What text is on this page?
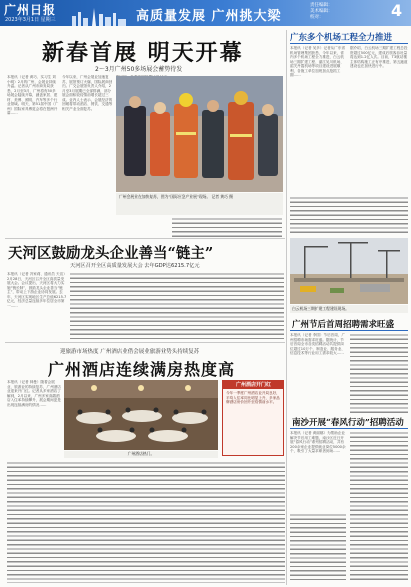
广州日报
2023年3月1日 星期三	高质量发展 广州挑大梁
责任编辑：
美术编辑：
校对：	4
新春首展 明天开幕
2～3月广州50多场展会蓄势待发
本报讯（记者 黄巧、实习生 刘小明）2月的广州，会展业持续升温。记者从广州市商务局获悉，2月至3月，广州将有50多场展会陆续开幕，涵盖家居、建材、美博、照明、汽车等多个行业领域。明天，第51届中国（广州）国际家具博览会将在琶洲开幕……
今年以来，广州会展业加速复苏，展馆预订火爆，国际展商回归。广交会展馆负责人介绍，2月至3月展期已全部排满，部分展会面积较疫情前增长超过三成。业内人士表示，会展经济的回暖将带动酒店、餐饮、交通等相关产业全面复苏。
广州会展业在加快复苏，图为“国际应急产业展”现场。 记者 黄巧 摄
广东多个机场工程全力推进
本报讯（记者 吴多）记者从广东省机场管理集团获悉，今年以来，省内多个机场工程全力推进，白云机场三期扩建工程、湛江吴川机场、韶关丹霞机场等项目建设进展顺利，各施工单位加班加点抢抓工期……
据介绍，白云机场三期扩建工程总投资超过500亿元，建成后旅客吞吐量将达到1.2亿人次。目前，T3航站楼主体结构施工正有序推进，第五跑道建设也在加快进行中。
白云机场三期扩建工程建设现场。
天河区鼓励龙头企业善当“链主”
天河区召开全区高质量发展大会 去年GDP达6215.7亿元
本报讯（记者 冯家莉、通讯员 天宣）2月28日，天河区召开全区高质量发展大会。会议提出，天河区将大力实施“链长制”，鼓励龙头企业善当“链主”，带动上下游企业协同发展。去年，天河区实现地区生产总值6215.7亿元，经济总量连续多年位居全市第一……
广州节后首周招聘需求旺盛
本报讯（记者 李国）节后首周，广州招聘市场需求旺盛。据统计，节后首周全市各类招聘活动共提供岗位超过10万个，制造业、服务业、信息技术等行业用工需求较大……
迎旅游市场热度 广州酒店业借会展业旅游业势头持续复苏
广州酒店连续满房热度高
本报讯（记者 林曼）随着会展业、旅游业的持续复苏，广州酒店业迎来开门红。记者从多家酒店了解到，2月以来，广州多家高端酒店入住率持续攀升，展会期间更是出现连续满房的情况……
广州酒店热门。
广州酒店开门红
今年一季度广州酒店业开局良好，平均入住率同比明显上升，多家品牌酒店房价回升至疫情前水平。
南沙开展“春风行动”招聘活动
本报讯（记者 黄丽娜）为帮助企业解决节后用工难题，南沙区近日开展“春风行动”系列招聘活动，共有200余家企业提供就业岗位5000余个，吸引了大量求职者到场……
